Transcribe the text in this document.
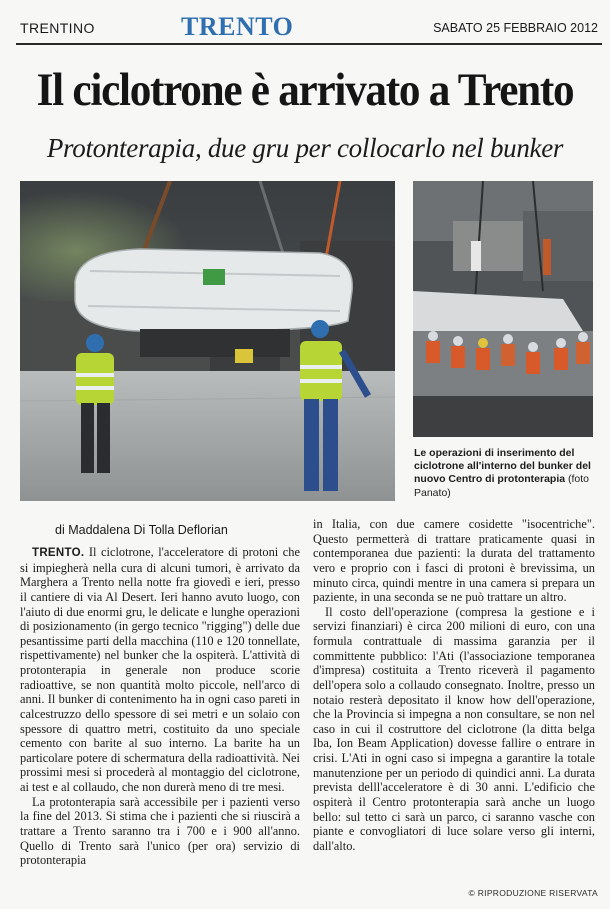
TRENTINO	TRENTO	SABATO 25 FEBBRAIO 2012
Il ciclotrone è arrivato a Trento
Protonterapia, due gru per collocarlo nel bunker
Le operazioni di inserimento del ciclotrone all'interno del bunker del nuovo Centro di protonterapia (foto Panato)
di Maddalena Di Tolla Deflorian

TRENTO. Il ciclotrone, l'acceleratore di protoni che si impiegherà nella cura di alcuni tumori, è arrivato da Marghera a Trento nella notte fra giovedì e ieri, presso il cantiere di via Al Desert. Ieri hanno avuto luogo, con l'aiuto di due enormi gru, le delicate e lunghe operazioni di posizionamento (in gergo tecnico "rigging") delle due pesantissime parti della macchina (110 e 120 tonnellate, rispettivamente) nel bunker che la ospiterà. L'attività di protonterapia in generale non produce scorie radioattive, se non quantità molto piccole, nell'arco di anni. Il bunker di contenimento ha in ogni caso pareti in calcestruzzo dello spessore di sei metri e un solaio con spessore di quattro metri, costituito da uno speciale cemento con barite al suo interno. La barite ha un particolare potere di schermatura della radioattività. Nei prossimi mesi si procederà al montaggio del ciclotrone, ai test e al collaudo, che non durerà meno di tre mesi.

La protonterapia sarà accessibile per i pazienti verso la fine del 2013. Si stima che i pazienti che si riuscirà a trattare a Trento saranno tra i 700 e i 900 all'anno. Quello di Trento sarà l'unico (per ora) servizio di protonterapia

in Italia, con due camere cosidette "isocentriche". Questo permetterà di trattare praticamente quasi in contemporanea due pazienti: la durata del trattamento vero e proprio con i fasci di protoni è brevissima, un minuto circa, quindi mentre in una camera si prepara un paziente, in una seconda se ne può trattare un altro.

Il costo dell'operazione (compresa la gestione e i servizi finanziari) è circa 200 milioni di euro, con una formula contrattuale di massima garanzia per il committente pubblico: l'Ati (l'associazione temporanea d'impresa) costituita a Trento riceverà il pagamento dell'opera solo a collaudo consegnato. Inoltre, presso un notaio resterà depositato il know how dell'operazione, che la Provincia si impegna a non consultare, se non nel caso in cui il costruttore del ciclotrone (la ditta belga Iba, Ion Beam Application) dovesse fallire o entrare in crisi. L'Ati in ogni caso si impegna a garantire la totale manutenzione per un periodo di quindici anni. La durata prevista delll'acceleratore è di 30 anni. L'edificio che ospiterà il Centro protonterapia sarà anche un luogo bello: sul tetto ci sarà un parco, ci saranno vasche con piante e convogliatori di luce solare verso gli interni, dall'alto.

© RIPRODUZIONE RISERVATA
